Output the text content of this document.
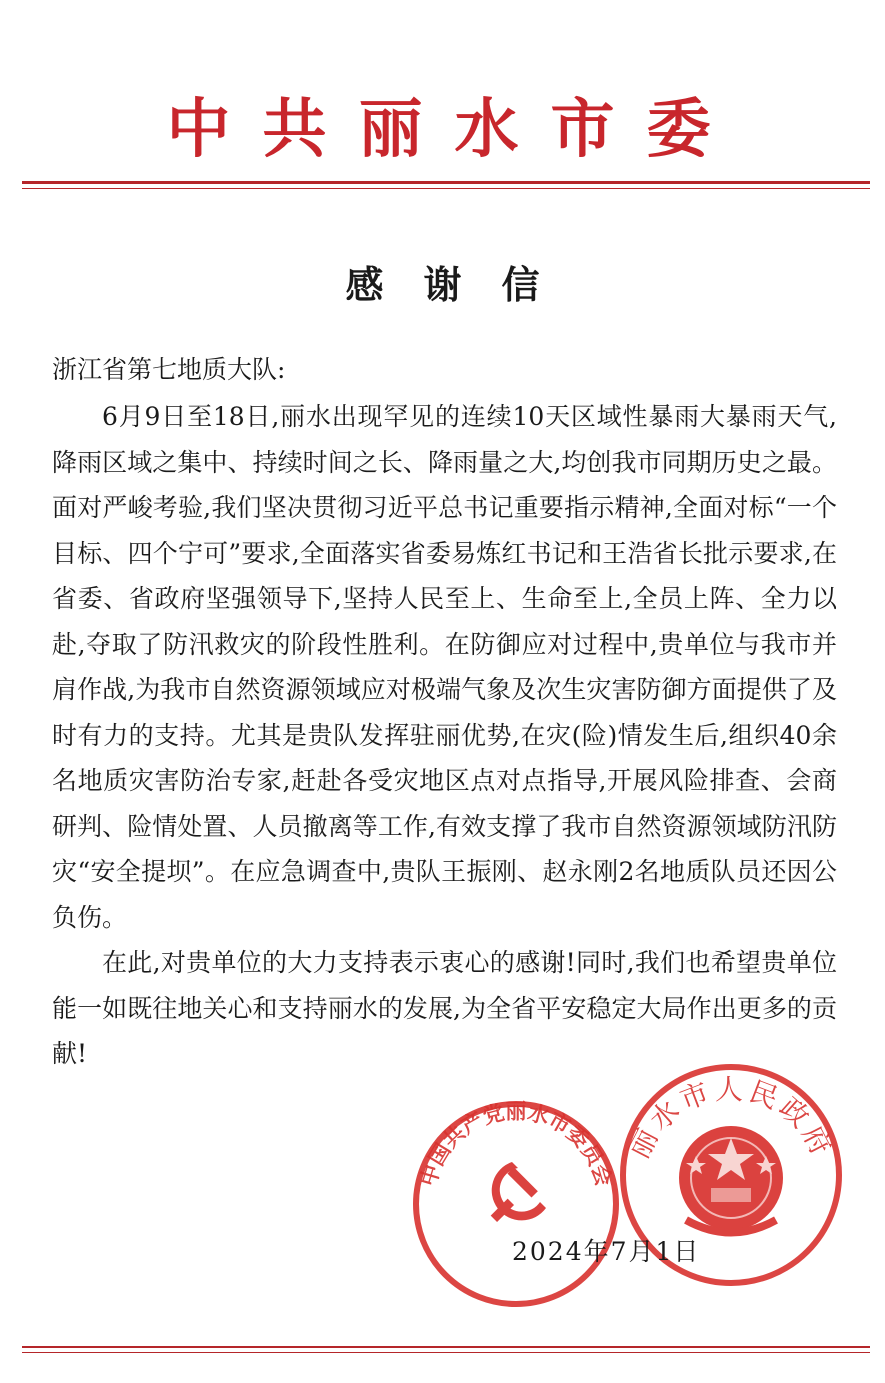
中共丽水市委
感谢信
浙江省第七地质大队:

6月9日至18日,丽水出现罕见的连续10天区域性暴雨大暴雨天气,降雨区域之集中、持续时间之长、降雨量之大,均创我市同期历史之最。面对严峻考验,我们坚决贯彻习近平总书记重要指示精神,全面对标“一个目标、四个宁可”要求,全面落实省委易炼红书记和王浩省长批示要求,在省委、省政府坚强领导下,坚持人民至上、生命至上,全员上阵、全力以赴,夺取了防汛救灾的阶段性胜利。在防御应对过程中,贵单位与我市并肩作战,为我市自然资源领域应对极端气象及次生灾害防御方面提供了及时有力的支持。尤其是贵队发挥驻丽优势,在灾(险)情发生后,组织40余名地质灾害防治专家,赶赴各受灾地区点对点指导,开展风险排查、会商研判、险情处置、人员撤离等工作,有效支撑了我市自然资源领域防汛防灾“安全提坝”。在应急调查中,贵队王振刚、赵永刚2名地质队员还因公负伤。

在此,对贵单位的大力支持表示衷心的感谢!同时,我们也希望贵单位能一如既往地关心和支持丽水的发展,为全省平安稳定大局作出更多的贡献!

中国共产党丽水市委员会
丽水市人民政府
2024年7月1日
